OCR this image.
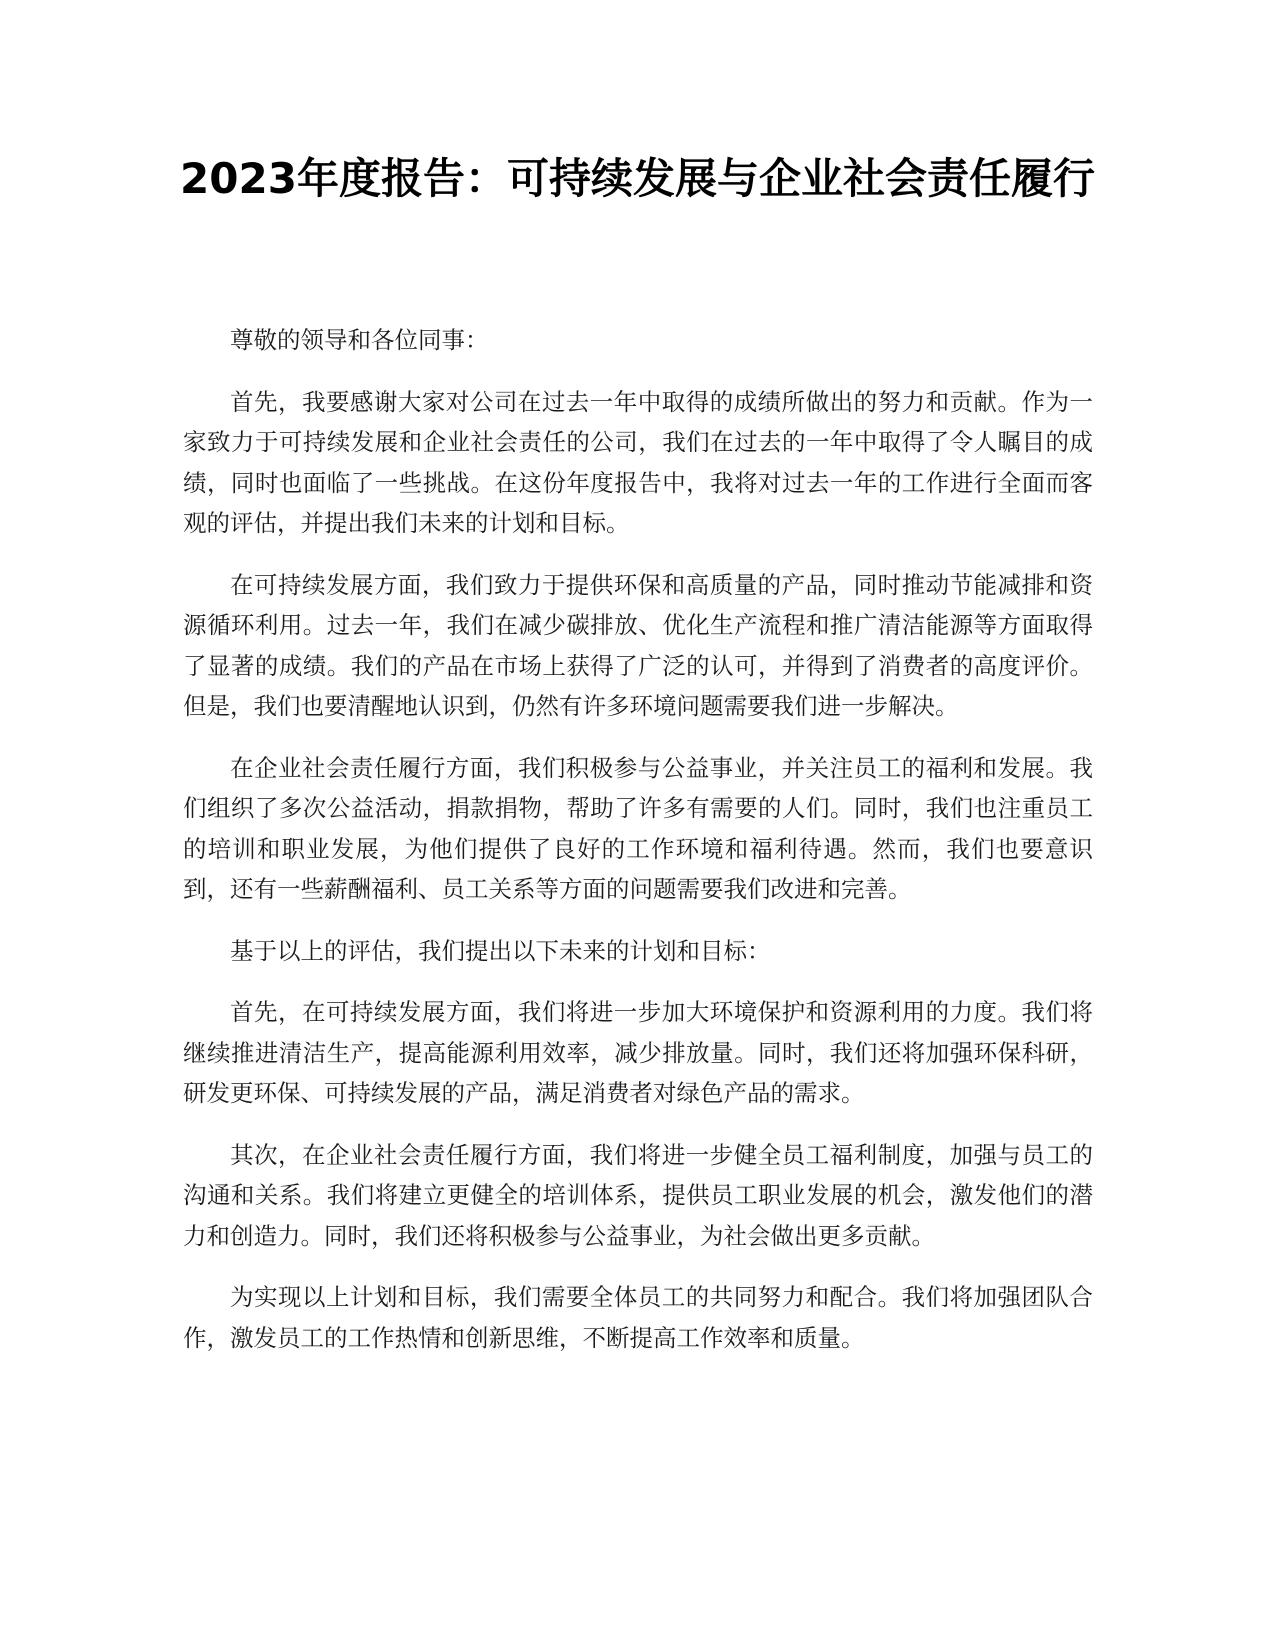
2023年度报告：可持续发展与企业社会责任履行

尊敬的领导和各位同事：

首先，我要感谢大家对公司在过去一年中取得的成绩所做出的努力和贡献。作为一家致力于可持续发展和企业社会责任的公司，我们在过去的一年中取得了令人瞩目的成绩，同时也面临了一些挑战。在这份年度报告中，我将对过去一年的工作进行全面而客观的评估，并提出我们未来的计划和目标。

在可持续发展方面，我们致力于提供环保和高质量的产品，同时推动节能减排和资源循环利用。过去一年，我们在减少碳排放、优化生产流程和推广清洁能源等方面取得了显著的成绩。我们的产品在市场上获得了广泛的认可，并得到了消费者的高度评价。但是，我们也要清醒地认识到，仍然有许多环境问题需要我们进一步解决。

在企业社会责任履行方面，我们积极参与公益事业，并关注员工的福利和发展。我们组织了多次公益活动，捐款捐物，帮助了许多有需要的人们。同时，我们也注重员工的培训和职业发展，为他们提供了良好的工作环境和福利待遇。然而，我们也要意识到，还有一些薪酬福利、员工关系等方面的问题需要我们改进和完善。

基于以上的评估，我们提出以下未来的计划和目标：

首先，在可持续发展方面，我们将进一步加大环境保护和资源利用的力度。我们将继续推进清洁生产，提高能源利用效率，减少排放量。同时，我们还将加强环保科研，研发更环保、可持续发展的产品，满足消费者对绿色产品的需求。

其次，在企业社会责任履行方面，我们将进一步健全员工福利制度，加强与员工的沟通和关系。我们将建立更健全的培训体系，提供员工职业发展的机会，激发他们的潜力和创造力。同时，我们还将积极参与公益事业，为社会做出更多贡献。

为实现以上计划和目标，我们需要全体员工的共同努力和配合。我们将加强团队合作，激发员工的工作热情和创新思维，不断提高工作效率和质量。
